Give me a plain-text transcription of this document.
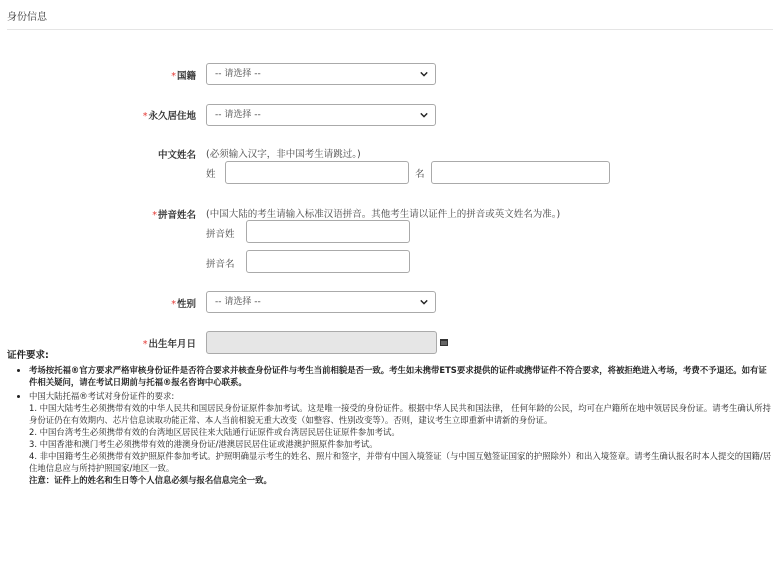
身份信息
*国籍	-- 请选择 --
*永久居住地	-- 请选择 --
中文姓名 (必须输入汉字，非中国考生请跳过。)
姓	名
*拼音姓名 (中国大陆的考生请输入标准汉语拼音。其他考生请以证件上的拼音或英文姓名为准。)
拼音姓
拼音名
*性别	-- 请选择 --
*出生年月日
证件要求:
• 考场按托福®官方要求严格审核身份证件是否符合要求并核查身份证件与考生当前相貌是否一致。考生如未携带ETS要求提供的证件或携带证件不符合要求，将被拒绝进入考场，考费不予退还。如有证件相关疑问，请在考试日期前与托福®报名咨询中心联系。
• 中国大陆托福®考试对身份证件的要求:
1. 中国大陆考生必须携带有效的中华人民共和国居民身份证原件参加考试。这是唯一接受的身份证件。根据中华人民共和国法律， 任何年龄的公民，均可在户籍所在地申领居民身份证。请考生确认所持身份证仍在有效期内、芯片信息读取功能正常、本人当前相貌无重大改变（如整容、性别改变等）。否则，建议考生立即重新申请新的身份证。
2. 中国台湾考生必须携带有效的台湾地区居民往来大陆通行证原件或台湾居民居住证原件参加考试。
3. 中国香港和澳门考生必须携带有效的港澳身份证/港澳居民居住证或港澳护照原件参加考试。
4. 非中国籍考生必须携带有效护照原件参加考试。护照明确显示考生的姓名、照片和签字，并带有中国入境签证（与中国互勉签证国家的护照除外）和出入境签章。请考生确认报名时本人提交的国籍/居住地信息应与所持护照国家/地区一致。
注意：证件上的姓名和生日等个人信息必须与报名信息完全一致。
